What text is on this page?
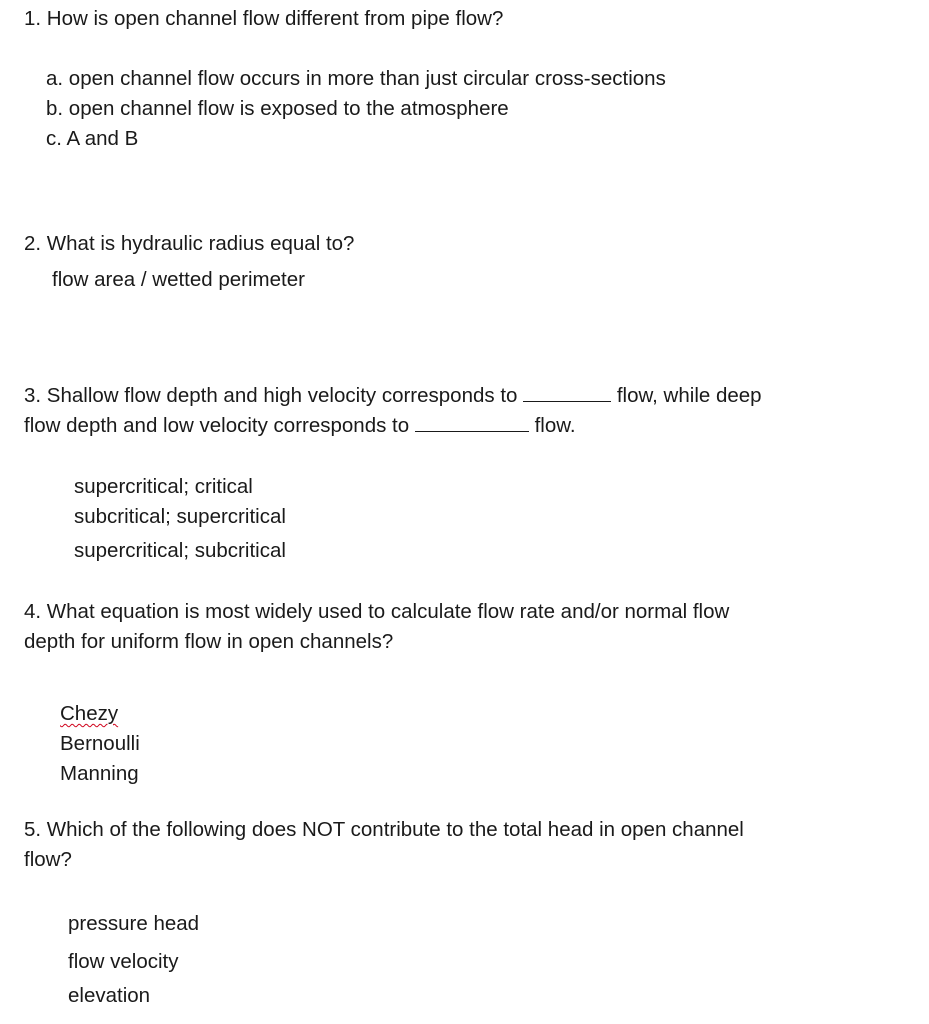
1. How is open channel flow different from pipe flow?
a. open channel flow occurs in more than just circular cross-sections
b. open channel flow is exposed to the atmosphere
c. A and B
2. What is hydraulic radius equal to?
flow area / wetted perimeter
3. Shallow flow depth and high velocity corresponds to	flow, while deep
flow depth and low velocity corresponds to	flow.
supercritical; critical
subcritical; supercritical
supercritical; subcritical
4. What equation is most widely used to calculate flow rate and/or normal flow
depth for uniform flow in open channels?
Chezy
Bernoulli
Manning
5. Which of the following does NOT contribute to the total head in open channel
flow?
pressure head
flow velocity
elevation
